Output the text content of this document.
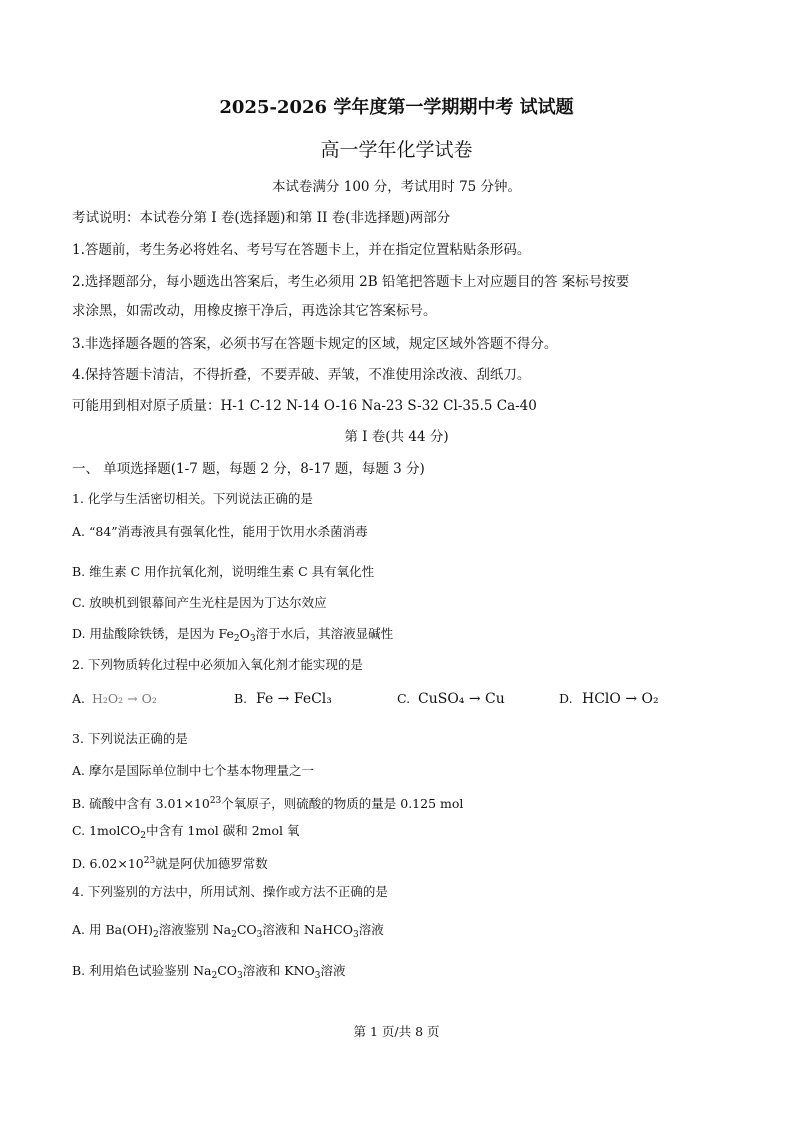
2025-2026 学年度第一学期期中考 试试题
高一学年化学试卷
本试卷满分 100 分，考试用时 75 分钟。
考试说明：本试卷分第 I 卷(选择题)和第 II 卷(非选择题)两部分
1.答题前，考生务必将姓名、考号写在答题卡上，并在指定位置粘贴条形码。
2.选择题部分，每小题选出答案后，考生必须用 2B 铅笔把答题卡上对应题目的答 案标号按要
求涂黑，如需改动，用橡皮擦干净后，再选涂其它答案标号。
3.非选择题各题的答案，必须书写在答题卡规定的区域，规定区域外答题不得分。
4.保持答题卡清洁，不得折叠，不要弄破、弄皱，不准使用涂改液、刮纸刀。
可能用到相对原子质量：H-1 C-12 N-14 O-16 Na-23 S-32 Cl-35.5 Ca-40
第 I 卷(共 44 分)
一、 单项选择题(1-7 题，每题 2 分，8-17 题，每题 3 分)
1. 化学与生活密切相关。下列说法正确的是
A. “84”消毒液具有强氧化性，能用于饮用水杀菌消毒
B. 维生素 C 用作抗氧化剂，说明维生素 C 具有氧化性
C. 放映机到银幕间产生光柱是因为丁达尔效应
D. 用盐酸除铁锈，是因为 $Fe_2O_3$溶于水后，其溶液显碱性
2. 下列物质转化过程中必须加入氧化剂才能实现的是
A. H₂O₂ → O₂	B. Fe → FeCl₃	C. CuSO₄ → Cu	D. HClO → O₂
3. 下列说法正确的是
A. 摩尔是国际单位制中七个基本物理量之一
B. 硫酸中含有 $3.01\times 10^{23}$个氧原子，则硫酸的物质的量是 0.125 mol
C. 1molCO$_2$中含有 1mol 碳和 2mol 氧
D. $6.02\times 10^{23}$就是阿伏加德罗常数
4. 下列鉴别的方法中，所用试剂、操作或方法不正确的是
A. 用 $Ba(OH)_2$溶液鉴别 $Na_2CO_3$溶液和 NaHCO$_3$溶液
B. 利用焰色试验鉴别 $Na_2CO_3$溶液和 $KNO_3$溶液
第 1 页/共 8 页
